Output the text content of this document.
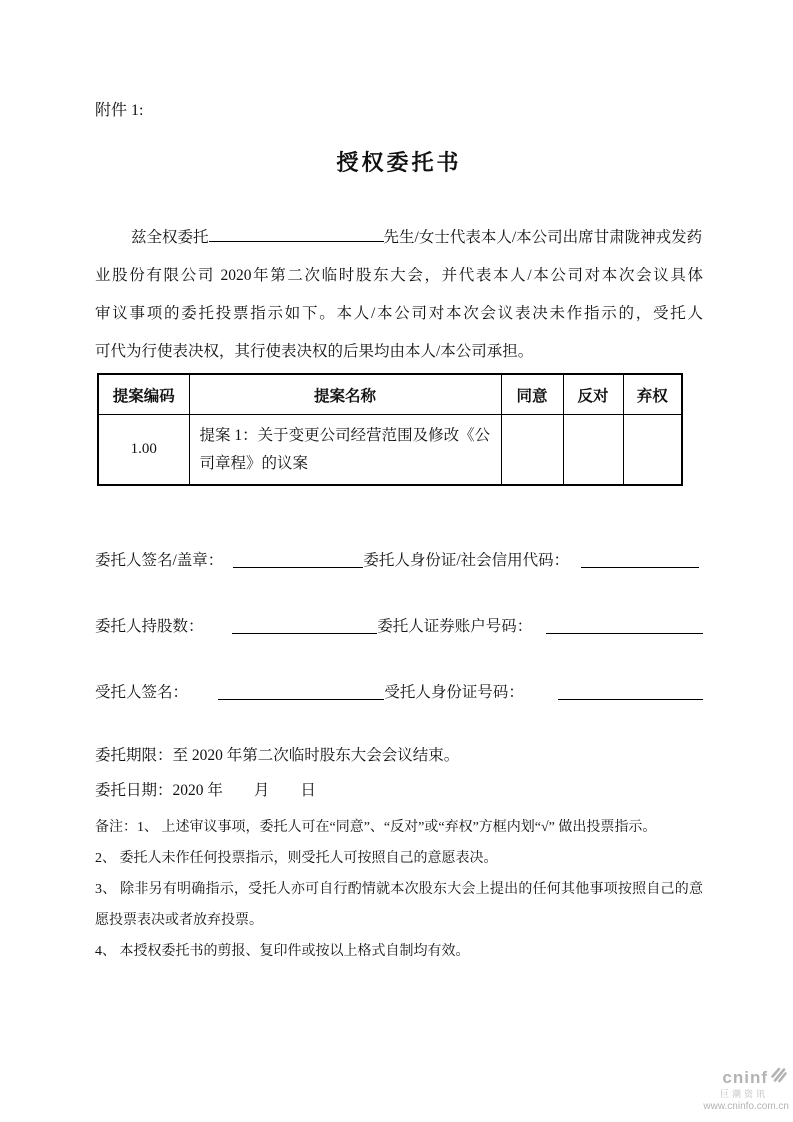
附件 1:
授权委托书
兹全权委托	先生/女士代表本人/本公司出席甘肃陇神戎发药
业股份有限公司 2020年第二次临时股东大会，并代表本人/本公司对本次会议具体
审议事项的委托投票指示如下。本人/本公司对本次会议表决未作指示的，受托人
可代为行使表决权，其行使表决权的后果均由本人/本公司承担。
提案编码	提案名称	同意	反对	弃权
1.00	提案 1：关于变更公司经营范围及修改《公司章程》的议案			
委托人签名/盖章：	委托人身份证/社会信用代码：
委托人持股数：	委托人证券账户号码：
受托人签名：	受托人身份证号码：
委托期限：至 2020 年第二次临时股东大会会议结束。
委托日期：2020 年　　月　　日

备注：1、 上述审议事项，委托人可在“同意”、“反对”或“弃权”方框内划“√” 做出投票指示。

2、 委托人未作任何投票指示，则受托人可按照自己的意愿表决。

3、 除非另有明确指示，受托人亦可自行酌情就本次股东大会上提出的任何其他事项按照自己的意愿投票表决或者放弃投票。

4、 本授权委托书的剪报、复印件或按以上格式自制均有效。

cninf
巨潮资讯
www.cninfo.com.cn
